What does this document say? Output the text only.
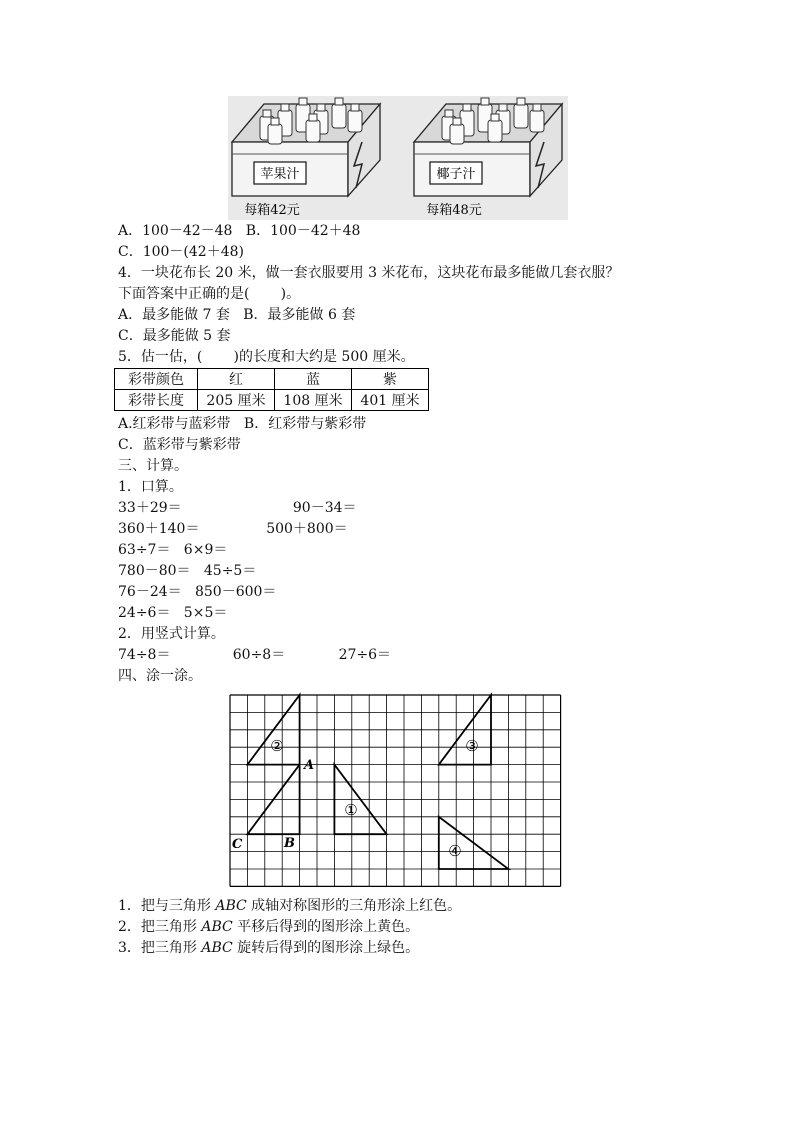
苹果汁
每箱42元
椰子汁
每箱48元
A．100－42－48   B．100－42＋48
C．100－(42＋48)
4．一块花布长 20 米，做一套衣服要用 3 米花布，这块花布最多能做几套衣服？
下面答案中正确的是(       )。
A．最多能做 7 套   B．最多能做 6 套
C．最多能做 5 套
5．估一估，(       )的长度和大约是 500 厘米。
彩带颜色	红	蓝	紫
彩带长度	205 厘米	108 厘米	401 厘米
A.红彩带与蓝彩带   B．红彩带与紫彩带
C．蓝彩带与紫彩带
三、计算。
1．口算。
33＋29＝                         90－34＝
360＋140＝               500＋800＝
63÷7＝   6×9＝
780－80＝   45÷5＝
76－24＝   850－600＝
24÷6＝   5×5＝
2．用竖式计算。
74÷8＝              60÷8＝            27÷6＝
四、涂一涂。
A
C	B
①
②	③
④
1．把与三角形 ABC 成轴对称图形的三角形涂上红色。
2．把三角形 ABC 平移后得到的图形涂上黄色。
3．把三角形 ABC 旋转后得到的图形涂上绿色。
